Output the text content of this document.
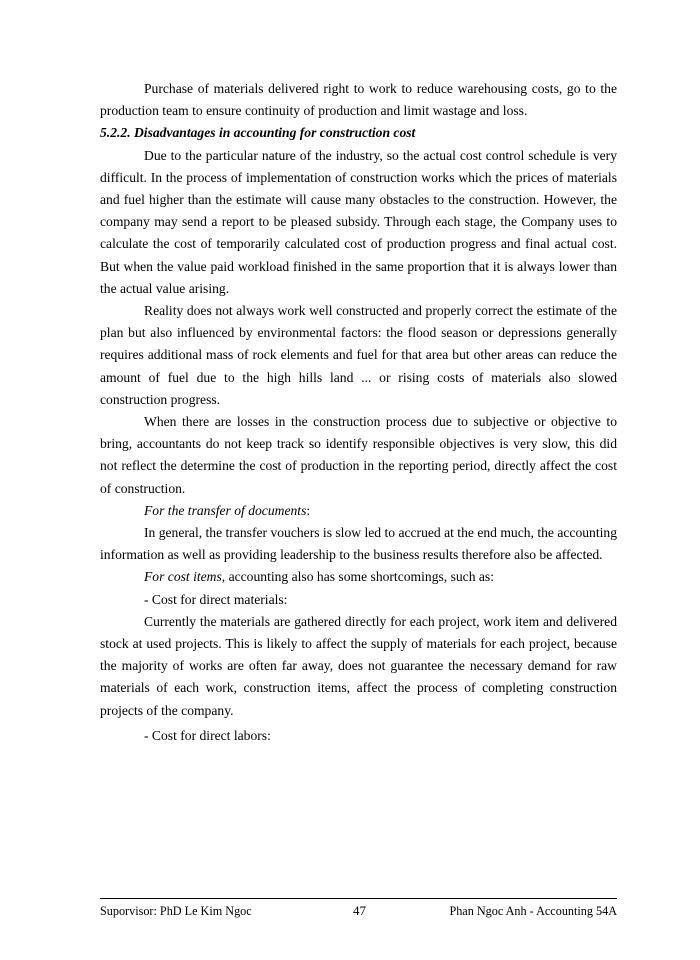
Purchase of materials delivered right to work to reduce warehousing costs, go to the production team to ensure continuity of production and limit wastage and loss.

5.2.2. Disadvantages in accounting for construction cost

Due to the particular nature of the industry, so the actual cost control schedule is very difficult. In the process of implementation of construction works which the prices of materials and fuel higher than the estimate will cause many obstacles to the construction. However, the company may send a report to be pleased subsidy. Through each stage, the Company uses to calculate the cost of temporarily calculated cost of production progress and final actual cost. But when the value paid workload finished in the same proportion that it is always lower than the actual value arising.

Reality does not always work well constructed and properly correct the estimate of the plan but also influenced by environmental factors: the flood season or depressions generally requires additional mass of rock elements and fuel for that area but other areas can reduce the amount of fuel due to the high hills land ... or rising costs of materials also slowed construction progress.

When there are losses in the construction process due to subjective or objective to bring, accountants do not keep track so identify responsible objectives is very slow, this did not reflect the determine the cost of production in the reporting period, directly affect the cost of construction.

For the transfer of documents:

In general, the transfer vouchers is slow led to accrued at the end much, the accounting information as well as providing leadership to the business results therefore also be affected.

For cost items, accounting also has some shortcomings, such as:

- Cost for direct materials:

Currently the materials are gathered directly for each project, work item and delivered stock at used projects. This is likely to affect the supply of materials for each project, because the majority of works are often far away, does not guarantee the necessary demand for raw materials of each work, construction items, affect the process of completing construction projects of the company.

- Cost for direct labors:

Suporvisor: PhD Le Kim Ngoc	47	Phan Ngoc Anh - Accounting 54A
